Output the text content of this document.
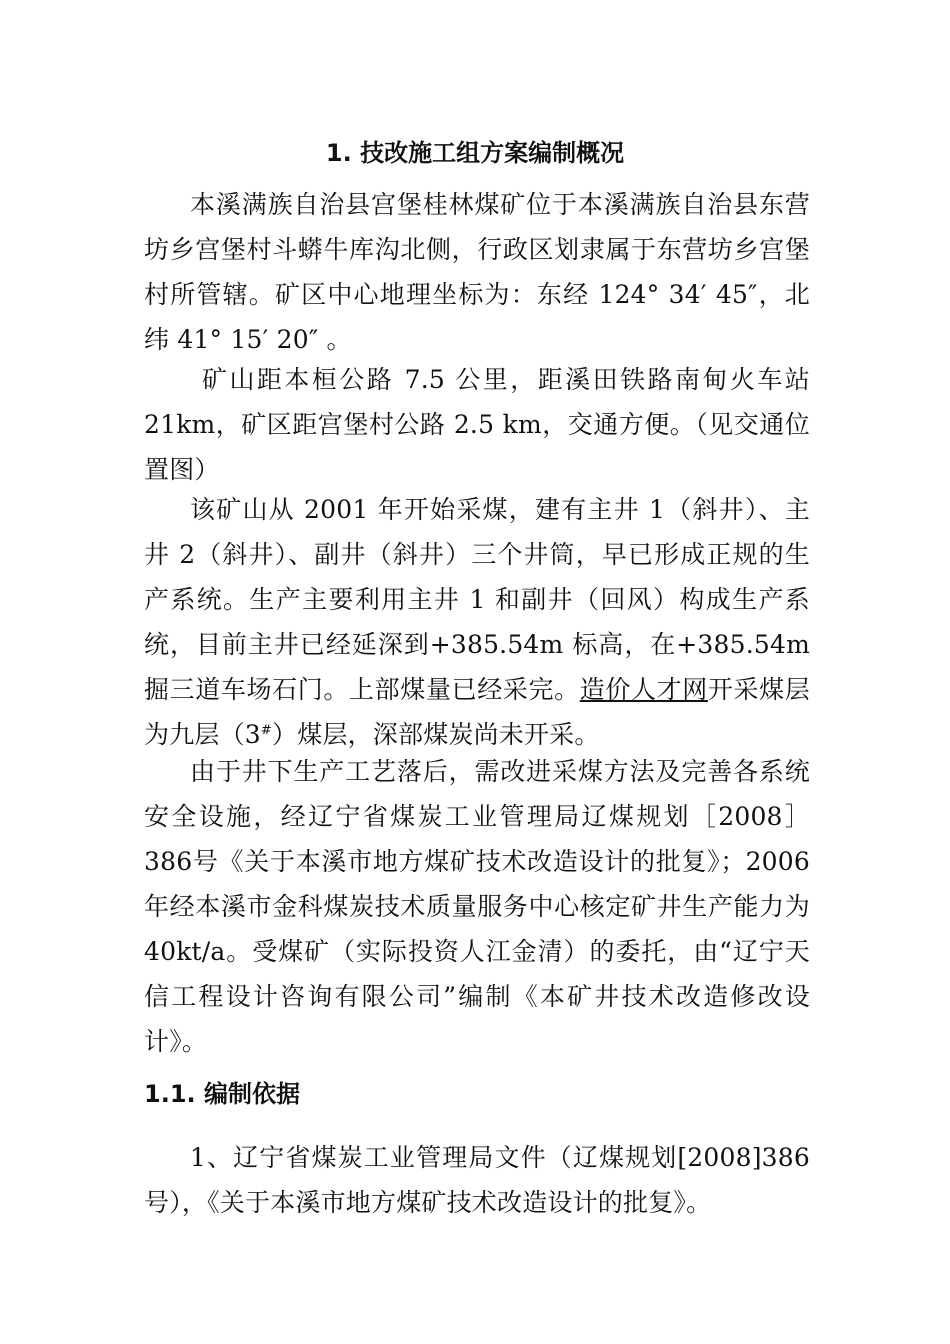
1. 技改施工组方案编制概况

本溪满族自治县宫堡桂林煤矿位于本溪满族自治县东营坊乡宫堡村斗蟒牛库沟北侧，行政区划隶属于东营坊乡宫堡村所管辖。矿区中心地理坐标为：东经 124° 34′ 45″，北纬 41° 15′ 20″ 。

矿山距本桓公路 7.5 公里，距溪田铁路南甸火车站 21km，矿区距宫堡村公路 2.5 km，交通方便。（见交通位置图）

该矿山从 2001 年开始采煤，建有主井 1（斜井）、主井 2（斜井）、副井（斜井）三个井筒，早已形成正规的生产系统。生产主要利用主井 1 和副井（回风）构成生产系统，目前主井已经延深到+385.54m 标高，在+385.54m 掘三道车场石门。上部煤量已经采完。造价人才网开采煤层为九层（3#）煤层，深部煤炭尚未开采。

由于井下生产工艺落后，需改进采煤方法及完善各系统安全设施，经辽宁省煤炭工业管理局辽煤规划［2008］386号《关于本溪市地方煤矿技术改造设计的批复》；2006 年经本溪市金科煤炭技术质量服务中心核定矿井生产能力为 40kt/a。受煤矿（实际投资人江金清）的委托，由“辽宁天信工程设计咨询有限公司”编制《本矿井技术改造修改设计》。

1.1. 编制依据

1、辽宁省煤炭工业管理局文件（辽煤规划[2008]386号），《关于本溪市地方煤矿技术改造设计的批复》。
